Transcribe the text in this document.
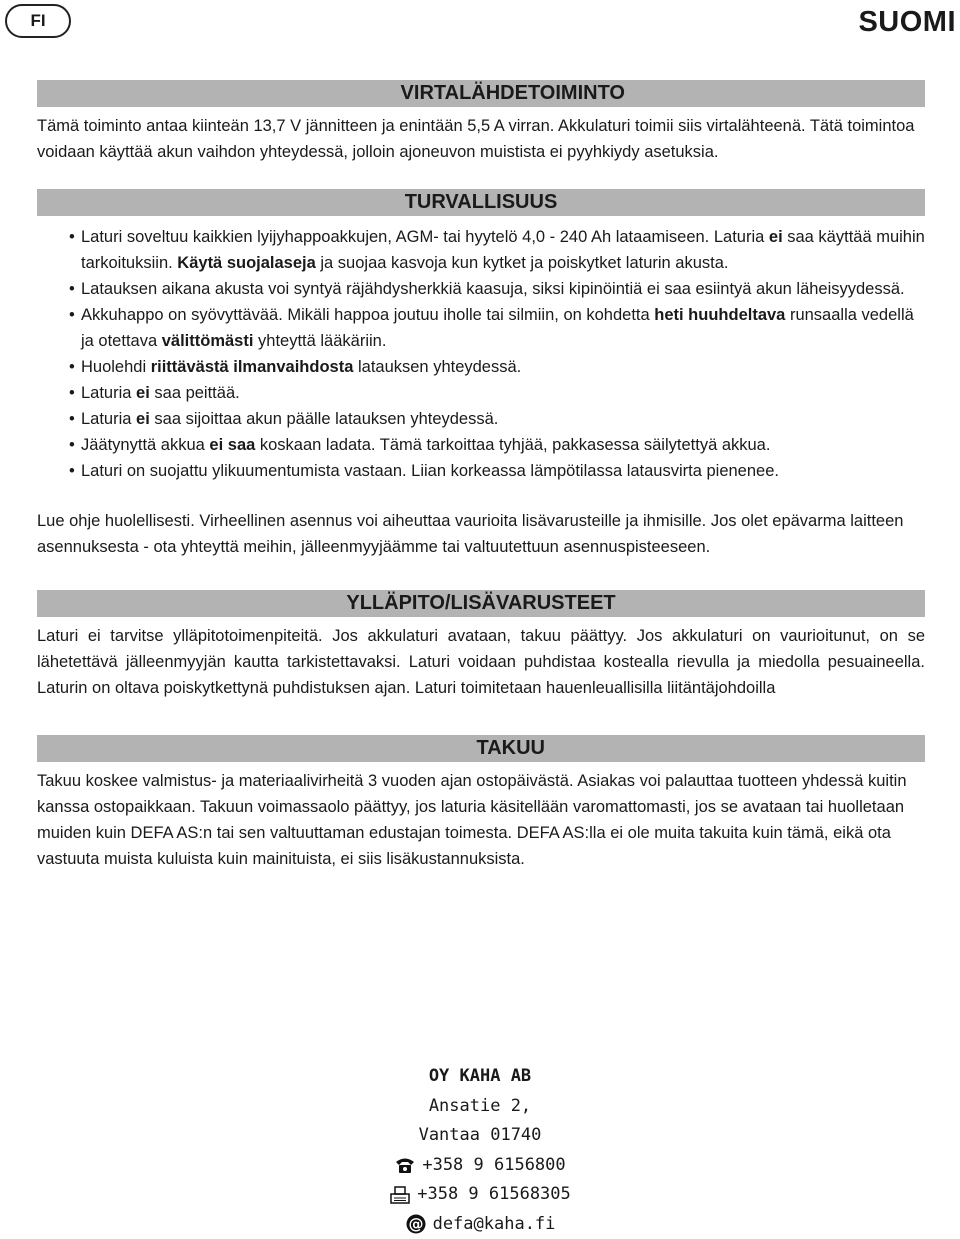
FI	SUOMI
VIRTALÄHDETOIMINTO

Tämä toiminto antaa kiinteän 13,7 V jännitteen ja enintään 5,5 A virran. Akkulaturi toimii siis virtalähteenä. Tätä toimintoa voidaan käyttää akun vaihdon yhteydessä, jolloin ajoneuvon muistista ei pyyhkiydy asetuksia.

TURVALLISUUS
• Laturi soveltuu kaikkien lyijyhappoakkujen, AGM- tai hyytelö 4,0 - 240 Ah lataamiseen. Laturia ei saa käyttää muihin tarkoituksiin. Käytä suojalaseja ja suojaa kasvoja kun kytket ja poiskytket laturin akusta.
• Latauksen aikana akusta voi syntyä räjähdysherkkiä kaasuja, siksi kipinöintiä ei saa esiintyä akun läheisyydessä.
• Akkuhappo on syövyttävää. Mikäli happoa joutuu iholle tai silmiin, on kohdetta heti huuhdeltava runsaalla vedellä ja otettava välittömästi yhteyttä lääkäriin.
• Huolehdi riittävästä ilmanvaihdosta latauksen yhteydessä.
• Laturia ei saa peittää.
• Laturia ei saa sijoittaa akun päälle latauksen yhteydessä.
• Jäätynyttä akkua ei saa koskaan ladata. Tämä tarkoittaa tyhjää, pakkasessa säilytettyä akkua.
• Laturi on suojattu ylikuumentumista vastaan. Liian korkeassa lämpötilassa latausvirta pienenee.

Lue ohje huolellisesti. Virheellinen asennus voi aiheuttaa vaurioita lisävarusteille ja ihmisille. Jos olet epävarma laitteen asennuksesta - ota yhteyttä meihin, jälleenmyyjäämme tai valtuutettuun asennuspisteeseen.

YLLÄPITO/LISÄVARUSTEET

Laturi ei tarvitse ylläpitotoimenpiteitä. Jos akkulaturi avataan, takuu päättyy. Jos akkulaturi on vaurioitunut, on se lähetettävä jälleenmyyjän kautta tarkistettavaksi. Laturi voidaan puhdistaa kostealla rievulla ja miedolla pesuaineella. Laturin on oltava poiskytkettynä puhdistuksen ajan. Laturi toimitetaan hauenleuallisilla liitäntäjohdoilla

TAKUU

Takuu koskee valmistus- ja materiaalivirheitä 3 vuoden ajan ostopäivästä. Asiakas voi palauttaa tuotteen yhdessä kuitin kanssa ostopaikkaan. Takuun voimassaolo päättyy, jos laturia käsitellään varomattomasti, jos se avataan tai huolletaan muiden kuin DEFA AS:n tai sen valtuuttaman edustajan toimesta. DEFA AS:lla ei ole muita takuita kuin tämä, eikä ota vastuuta muista kuluista kuin mainituista, ei siis lisäkustannuksista.

OY KAHA AB
Ansatie 2,
Vantaa 01740
+358 9 6156800
+358 9 61568305
@ defa@kaha.fi
